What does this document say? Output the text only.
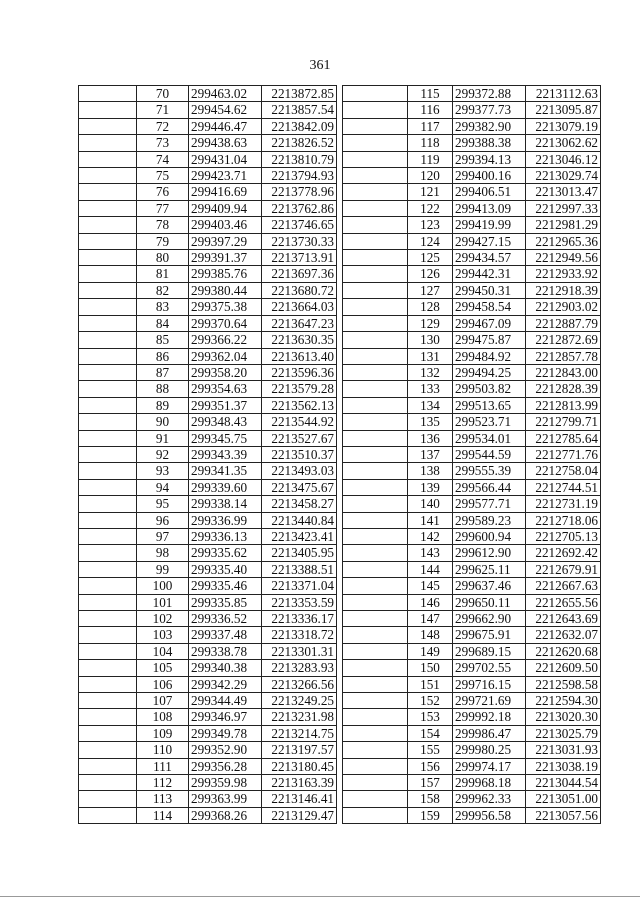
361
	70	299463.02	2213872.85
	71	299454.62	2213857.54
	72	299446.47	2213842.09
	73	299438.63	2213826.52
	74	299431.04	2213810.79
	75	299423.71	2213794.93
	76	299416.69	2213778.96
	77	299409.94	2213762.86
	78	299403.46	2213746.65
	79	299397.29	2213730.33
	80	299391.37	2213713.91
	81	299385.76	2213697.36
	82	299380.44	2213680.72
	83	299375.38	2213664.03
	84	299370.64	2213647.23
	85	299366.22	2213630.35
	86	299362.04	2213613.40
	87	299358.20	2213596.36
	88	299354.63	2213579.28
	89	299351.37	2213562.13
	90	299348.43	2213544.92
	91	299345.75	2213527.67
	92	299343.39	2213510.37
	93	299341.35	2213493.03
	94	299339.60	2213475.67
	95	299338.14	2213458.27
	96	299336.99	2213440.84
	97	299336.13	2213423.41
	98	299335.62	2213405.95
	99	299335.40	2213388.51
	100	299335.46	2213371.04
	101	299335.85	2213353.59
	102	299336.52	2213336.17
	103	299337.48	2213318.72
	104	299338.78	2213301.31
	105	299340.38	2213283.93
	106	299342.29	2213266.56
	107	299344.49	2213249.25
	108	299346.97	2213231.98
	109	299349.78	2213214.75
	110	299352.90	2213197.57
	111	299356.28	2213180.45
	112	299359.98	2213163.39
	113	299363.99	2213146.41
	114	299368.26	2213129.47
	115	299372.88	2213112.63
	116	299377.73	2213095.87
	117	299382.90	2213079.19
	118	299388.38	2213062.62
	119	299394.13	2213046.12
	120	299400.16	2213029.74
	121	299406.51	2213013.47
	122	299413.09	2212997.33
	123	299419.99	2212981.29
	124	299427.15	2212965.36
	125	299434.57	2212949.56
	126	299442.31	2212933.92
	127	299450.31	2212918.39
	128	299458.54	2212903.02
	129	299467.09	2212887.79
	130	299475.87	2212872.69
	131	299484.92	2212857.78
	132	299494.25	2212843.00
	133	299503.82	2212828.39
	134	299513.65	2212813.99
	135	299523.71	2212799.71
	136	299534.01	2212785.64
	137	299544.59	2212771.76
	138	299555.39	2212758.04
	139	299566.44	2212744.51
	140	299577.71	2212731.19
	141	299589.23	2212718.06
	142	299600.94	2212705.13
	143	299612.90	2212692.42
	144	299625.11	2212679.91
	145	299637.46	2212667.63
	146	299650.11	2212655.56
	147	299662.90	2212643.69
	148	299675.91	2212632.07
	149	299689.15	2212620.68
	150	299702.55	2212609.50
	151	299716.15	2212598.58
	152	299721.69	2212594.30
	153	299992.18	2213020.30
	154	299986.47	2213025.79
	155	299980.25	2213031.93
	156	299974.17	2213038.19
	157	299968.18	2213044.54
	158	299962.33	2213051.00
	159	299956.58	2213057.56
